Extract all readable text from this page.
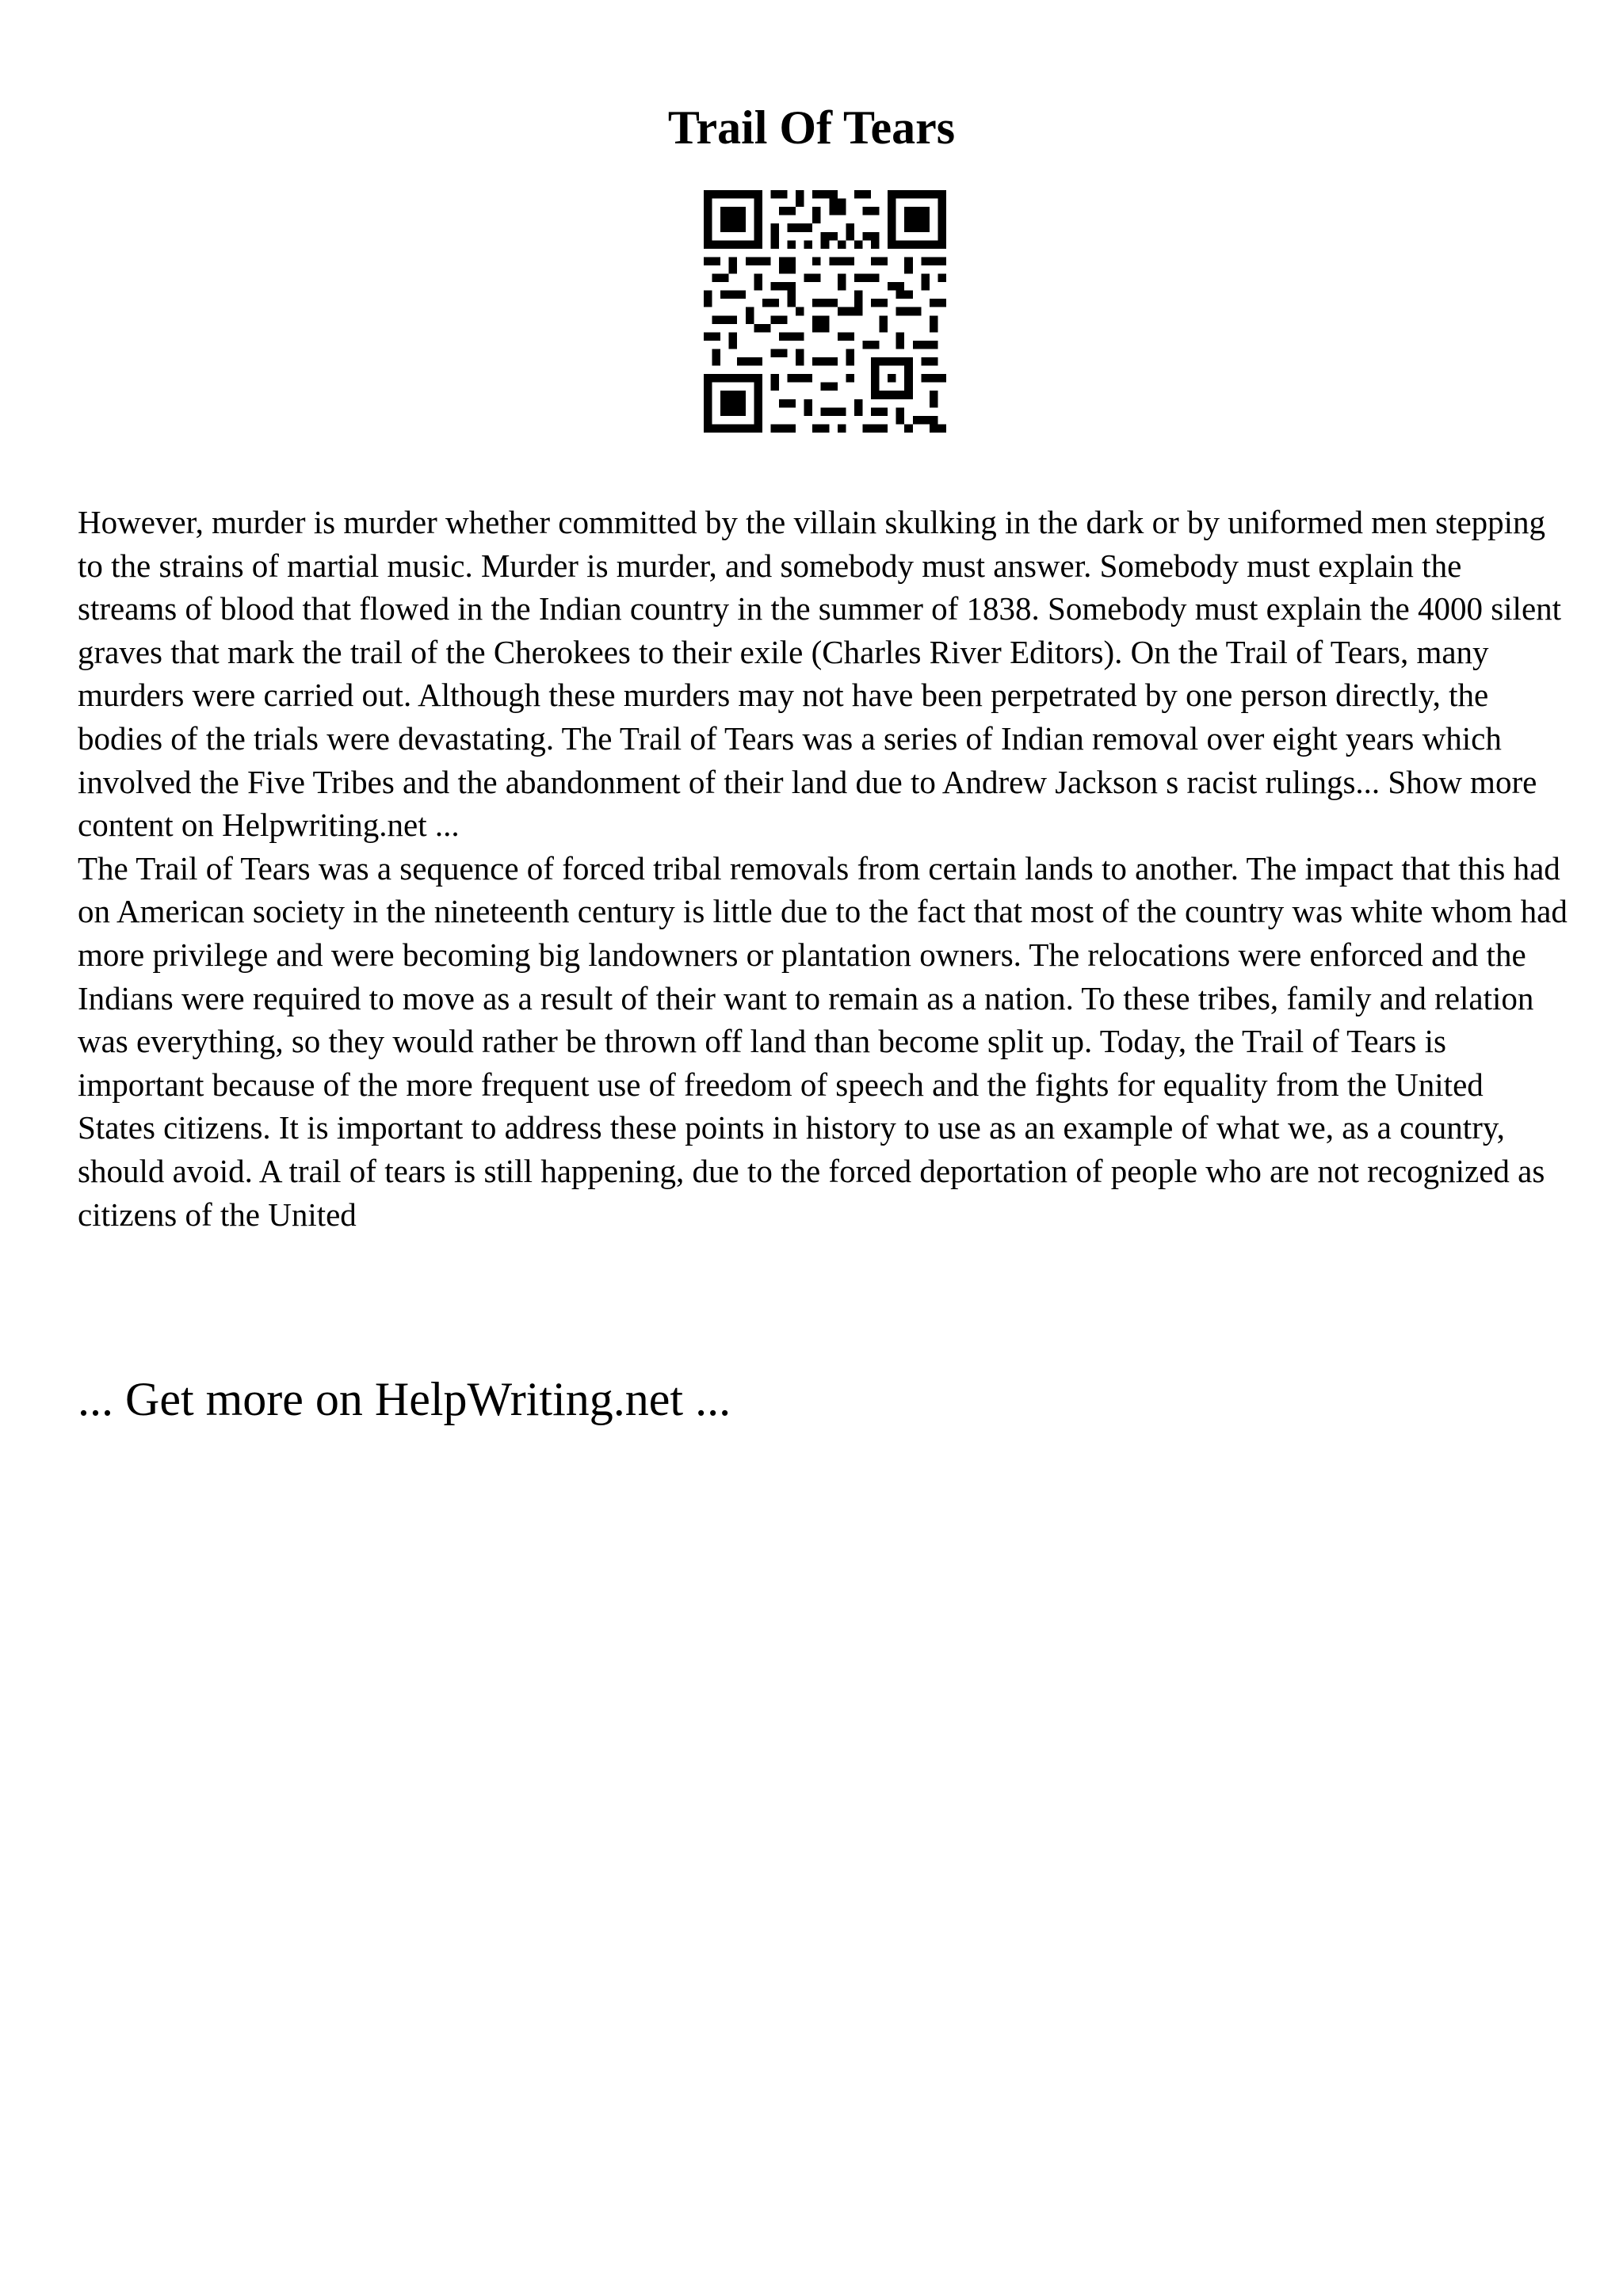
Trail Of Tears

However, murder is murder whether committed by the villain skulking in the dark or by uniformed men stepping to the strains of martial music. Murder is murder, and somebody must answer. Somebody must explain the streams of blood that flowed in the Indian country in the summer of 1838. Somebody must explain the 4000 silent graves that mark the trail of the Cherokees to their exile (Charles River Editors). On the Trail of Tears, many murders were carried out. Although these murders may not have been perpetrated by one person directly, the bodies of the trials were devastating. The Trail of Tears was a series of Indian removal over eight years which involved the Five Tribes and the abandonment of their land due to Andrew Jackson s racist rulings... Show more content on Helpwriting.net ...

The Trail of Tears was a sequence of forced tribal removals from certain lands to another. The impact that this had on American society in the nineteenth century is little due to the fact that most of the country was white whom had more privilege and were becoming big landowners or plantation owners. The relocations were enforced and the Indians were required to move as a result of their want to remain as a nation. To these tribes, family and relation was everything, so they would rather be thrown off land than become split up. Today, the Trail of Tears is important because of the more frequent use of freedom of speech and the fights for equality from the United States citizens. It is important to address these points in history to use as an example of what we, as a country, should avoid. A trail of tears is still happening, due to the forced deportation of people who are not recognized as citizens of the United

... Get more on HelpWriting.net ...
